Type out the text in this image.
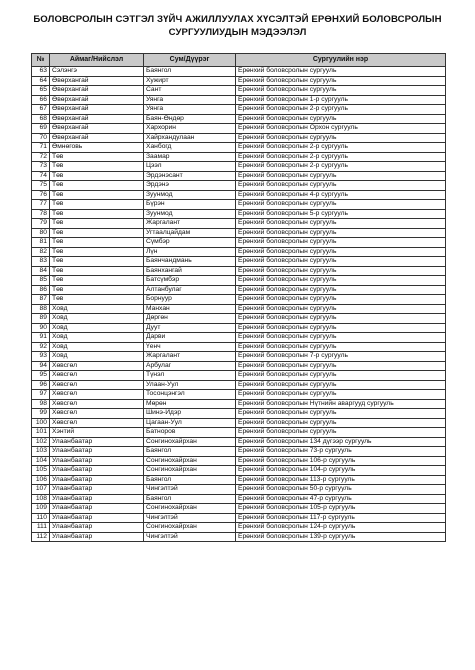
БОЛОВСРОЛЫН СЭТГЭЛ ЗҮЙЧ АЖИЛЛУУЛАХ ХҮСЭЛТЭЙ ЕРӨНХИЙ БОЛОВСРОЛЫН
СУРГУУЛИУДЫН МЭДЭЭЛЭЛ
№	Аймаг/Нийслэл	Сум/Дүүрэг	Сургуулийн нэр
63	Сэлэнгэ	Баянгол	Ерөнхий боловсролын сургууль
64	Өвөрхангай	Хужирт	Ерөнхий боловсролын сургууль
65	Өвөрхангай	Сант	Ерөнхий боловсролын сургууль
66	Өвөрхангай	Уянга	Ерөнхий боловсролын 1-р сургууль
67	Өвөрхангай	Уянга	Ерөнхий боловсролын 2-р сургууль
68	Өвөрхангай	Баян-Өндөр	Ерөнхий боловсролын сургууль
69	Өвөрхангай	Хархорин	Ерөнхий боловсролын Орхон сургууль
70	Өвөрхангай	Хайрхандулаан	Ерөнхий боловсролын сургууль
71	Өмнөговь	Ханбогд	Ерөнхий боловсролын 2-р сургууль
72	Төв	Заамар	Ерөнхий боловсролын 2-р сургууль
73	Төв	Цээл	Ерөнхий боловсролын 2-р сургууль
74	Төв	Эрдэнэсант	Ерөнхий боловсролын сургууль
75	Төв	Эрдэнэ	Ерөнхий боловсролын сургууль
76	Төв	Зуунмод	Ерөнхий боловсролын 4-р сургууль
77	Төв	Бүрэн	Ерөнхий боловсролын сургууль
78	Төв	Зуунмод	Ерөнхий боловсролын 5-р сургууль
79	Төв	Жаргалант	Ерөнхий боловсролын сургууль
80	Төв	Угтаалцайдам	Ерөнхий боловсролын сургууль
81	Төв	Сүмбэр	Ерөнхий боловсролын сургууль
82	Төв	Лүн	Ерөнхий боловсролын сургууль
83	Төв	Баянчандмань	Ерөнхий боловсролын сургууль
84	Төв	Баянхангай	Ерөнхий боловсролын сургууль
85	Төв	Батсүмбэр	Ерөнхий боловсролын сургууль
86	Төв	Алтанбулаг	Ерөнхий боловсролын сургууль
87	Төв	Борнуур	Ерөнхий боловсролын сургууль
88	Ховд	Манхан	Ерөнхий боловсролын сургууль
89	Ховд	Дөргөн	Ерөнхий боловсролын сургууль
90	Ховд	Дуут	Ерөнхий боловсролын сургууль
91	Ховд	Дарви	Ерөнхий боловсролын сургууль
92	Ховд	Үенч	Ерөнхий боловсролын сургууль
93	Ховд	Жаргалант	Ерөнхий боловсролын 7-р сургууль
94	Хөвсгөл	Арбулаг	Ерөнхий боловсролын сургууль
95	Хөвсгөл	Түнэл	Ерөнхий боловсролын сургууль
96	Хөвсгөл	Улаан-Уул	Ерөнхий боловсролын сургууль
97	Хөвсгөл	Тосонцэнгэл	Ерөнхий боловсролын сургууль
98	Хөвсгөл	Мөрөн	Ерөнхий боловсролын Нүтнийн аваргууд сургууль
99	Хөвсгөл	Шинэ-Идэр	Ерөнхий боловсролын сургууль
100	Хөвсгөл	Цагаан-Уул	Ерөнхий боловсролын сургууль
101	Хэнтий	Батноров	Ерөнхий боловсролын сургууль
102	Улаанбаатар	Сонгинохайрхан	Ерөнхий боловсролын 134 дүгээр сургууль
103	Улаанбаатар	Баянгол	Ерөнхий боловсролын 73-р сургууль
104	Улаанбаатар	Сонгинохайрхан	Ерөнхий боловсролын 106-р сургууль
105	Улаанбаатар	Сонгинохайрхан	Ерөнхий боловсролын 104-р сургууль
106	Улаанбаатар	Баянгол	Ерөнхий боловсролын 113-р сургууль
107	Улаанбаатар	Чингэлтэй	Ерөнхий боловсролын 50-р сургууль
108	Улаанбаатар	Баянгол	Ерөнхий боловсролын 47-р сургууль
109	Улаанбаатар	Сонгинохайрхан	Ерөнхий боловсролын 105-р сургууль
110	Улаанбаатар	Чингэлтэй	Ерөнхий боловсролын 117-р сургууль
111	Улаанбаатар	Сонгинохайрхан	Ерөнхий боловсролын 124-р сургууль
112	Улаанбаатар	Чингэлтэй	Ерөнхий боловсролын 139-р сургууль
